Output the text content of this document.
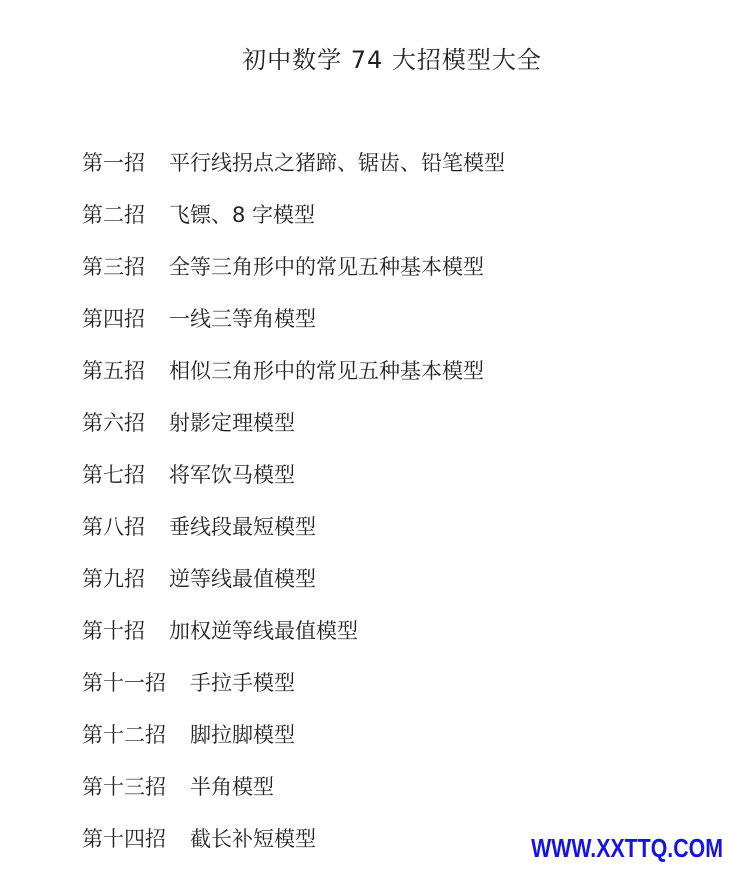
初中数学 74 大招模型大全
第一招 平行线拐点之猪蹄、锯齿、铅笔模型
第二招 飞镖、8 字模型
第三招 全等三角形中的常见五种基本模型
第四招 一线三等角模型
第五招 相似三角形中的常见五种基本模型
第六招 射影定理模型
第七招 将军饮马模型
第八招 垂线段最短模型
第九招 逆等线最值模型
第十招 加权逆等线最值模型
第十一招 手拉手模型
第十二招 脚拉脚模型
第十三招 半角模型
第十四招 截长补短模型	WWW.XXTTQ.COM
